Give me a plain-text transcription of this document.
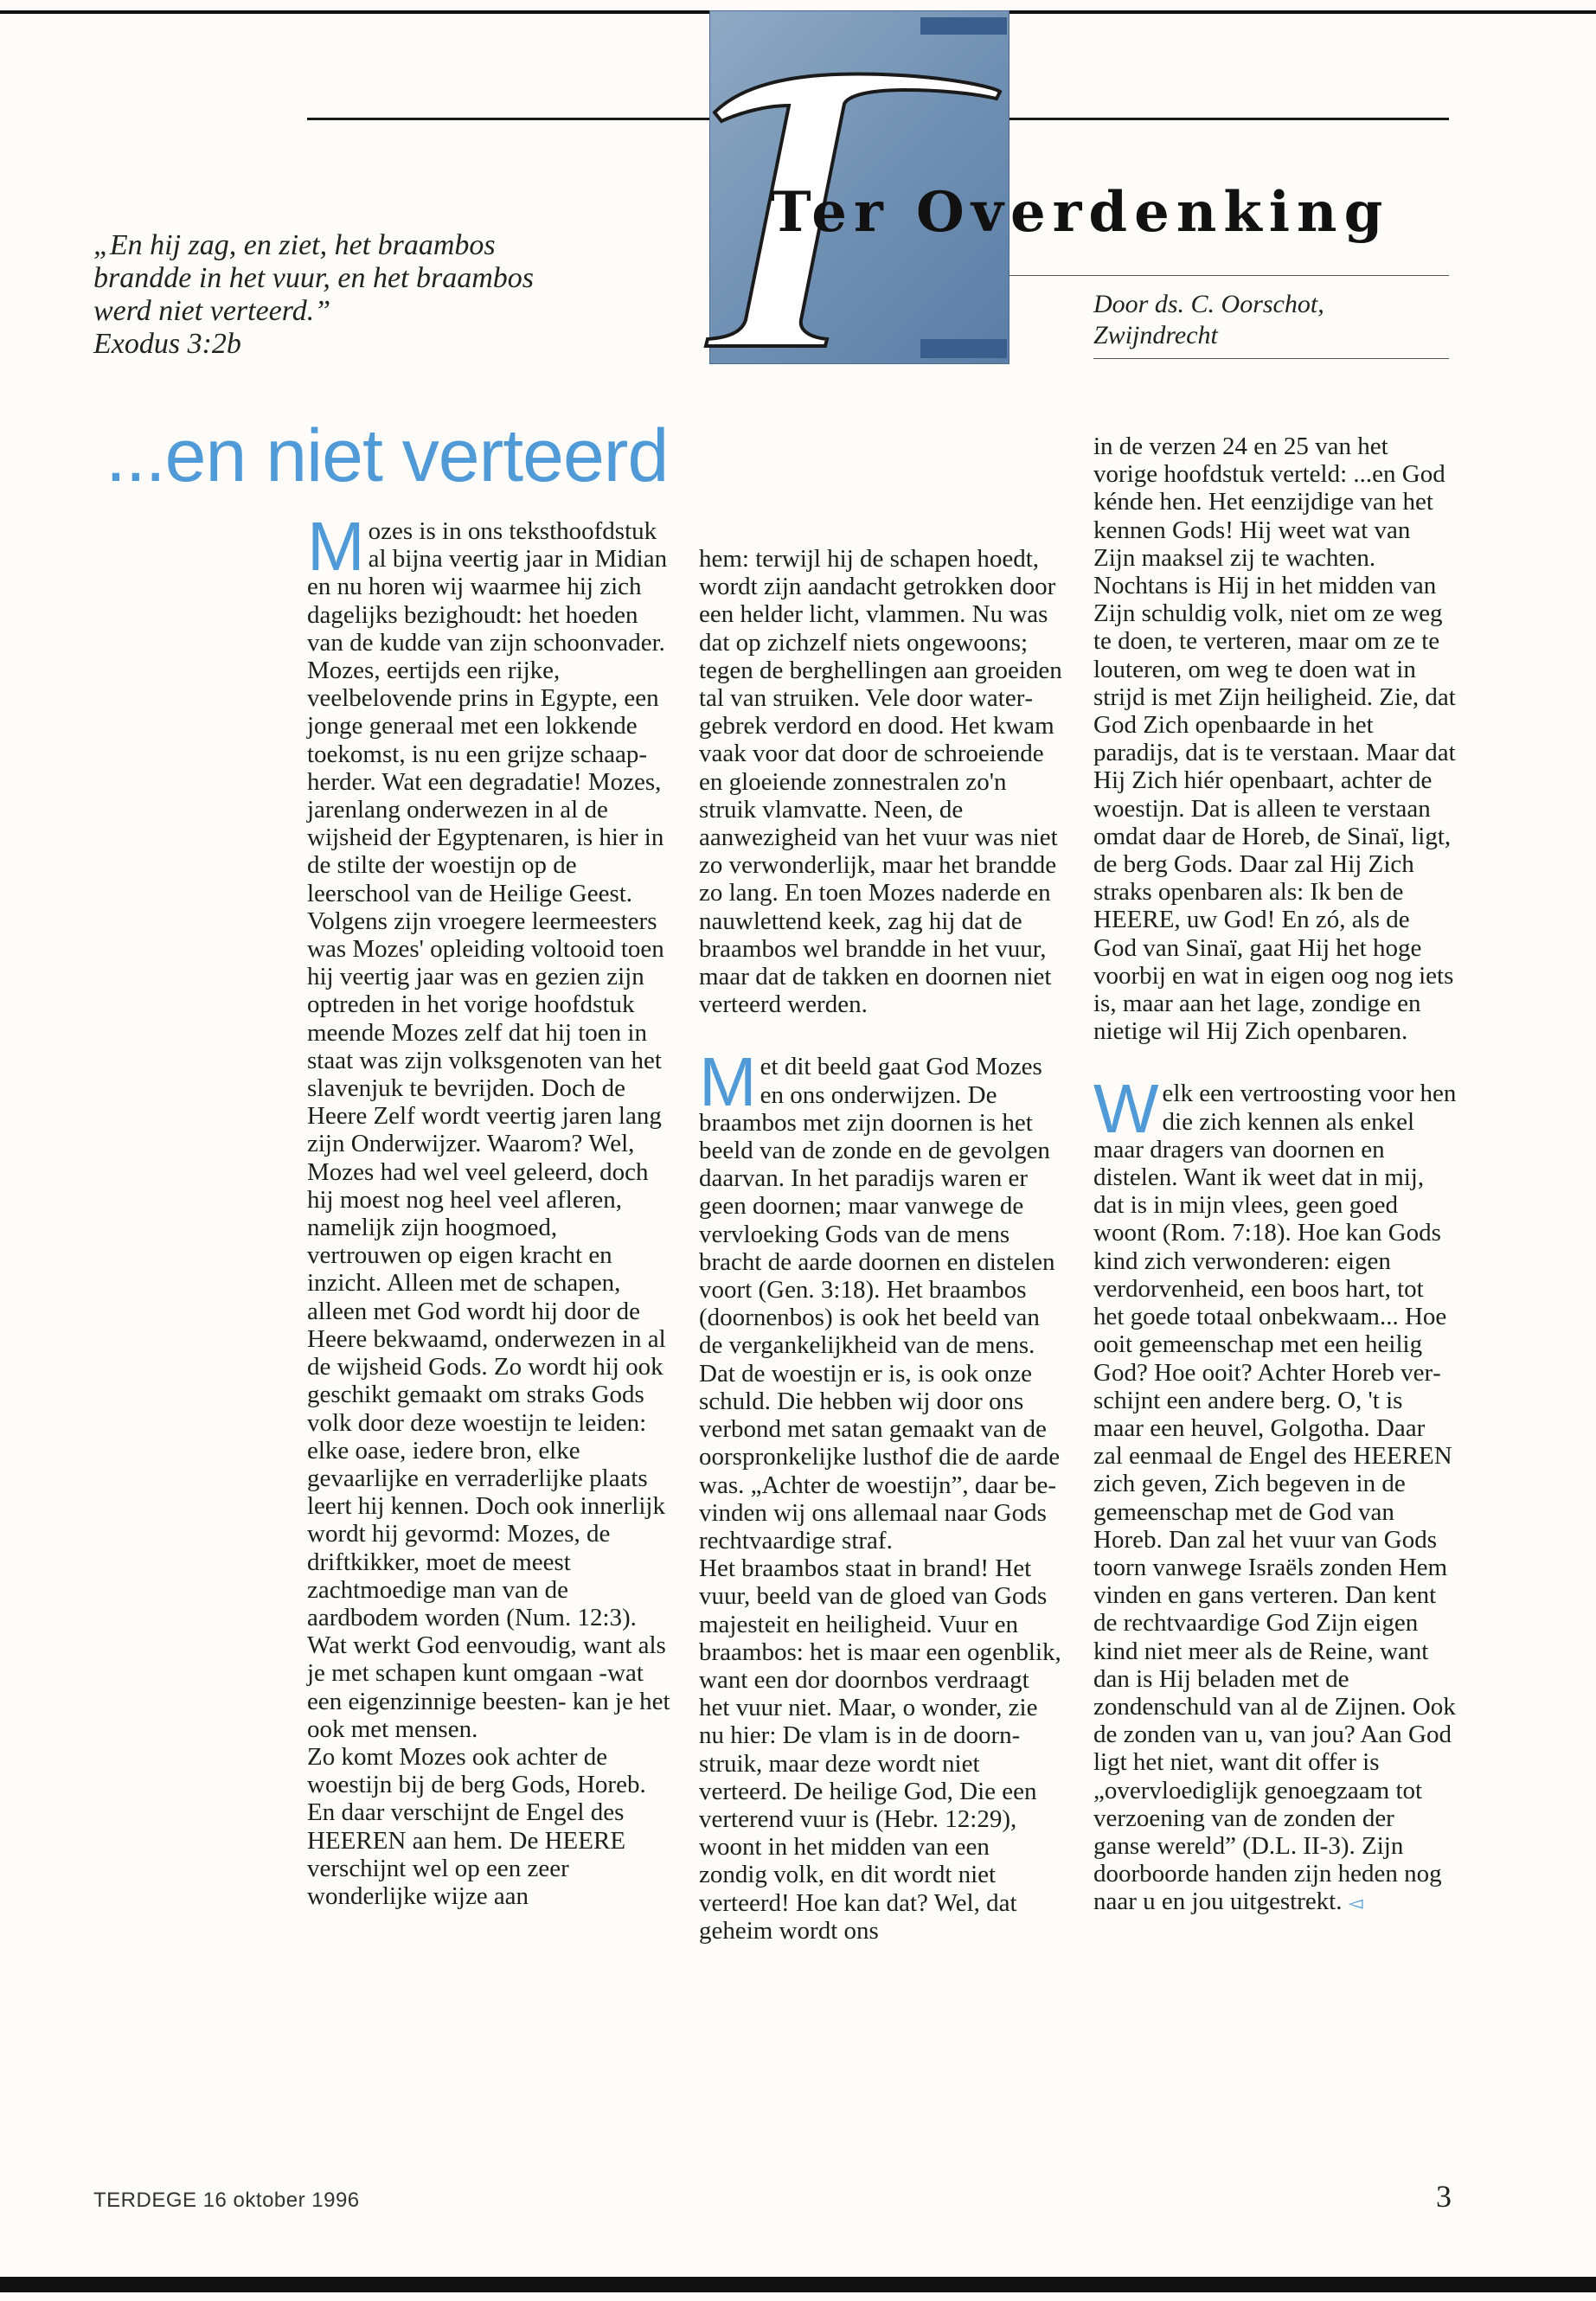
Ter Overdenking
Door ds. C. Oorschot,
Zwijndrecht
„En hij zag, en ziet, het braambos
brandde in het vuur, en het braambos
werd niet verteerd.”
Exodus 3:2b
...en niet verteerd

Mozes is in ons teksthoofdstuk al bijna veertig jaar in Midian en nu horen wij waarmee hij zich dagelijks bezighoudt: het hoeden van de kudde van zijn schoonvader. Mozes, eertijds een rijke, veelbelovende prins in Egypte, een jonge generaal met een lokkende toekomst, is nu een grijze schaapherder. Wat een degradatie! Mozes, jarenlang onderwezen in al de wijsheid der Egyptenaren, is hier in de stilte der woestijn op de leerschool van de Heilige Geest. Volgens zijn vroegere leermeesters was Mozes' opleiding voltooid toen hij veertig jaar was en gezien zijn optreden in het vorige hoofdstuk meende Mozes zelf dat hij toen in staat was zijn volksgenoten van het slavenjuk te bevrijden. Doch de Heere Zelf wordt veertig jaren lang zijn Onderwijzer. Waarom? Wel, Mozes had wel veel geleerd, doch hij moest nog heel veel afleren, namelijk zijn hoogmoed, vertrouwen op eigen kracht en inzicht. Alleen met de schapen, alleen met God wordt hij door de Heere bekwaamd, onderwezen in al de wijsheid Gods. Zo wordt hij ook geschikt gemaakt om straks Gods volk door deze woestijn te leiden: elke oase, iedere bron, elke gevaarlijke en verraderlijke plaats leert hij kennen. Doch ook innerlijk wordt hij gevormd: Mozes, de driftkikker, moet de meest zachtmoedige man van de aardbodem worden (Num. 12:3).

Wat werkt God eenvoudig, want als je met schapen kunt omgaan -wat een eigenzinnige beesten- kan je het ook met mensen.

Zo komt Mozes ook achter de woestijn bij de berg Gods, Horeb. En daar verschijnt de Engel des HEEREN aan hem. De HEERE verschijnt wel op een zeer wonderlijke wijze aan

hem: terwijl hij de schapen hoedt, wordt zijn aandacht getrokken door een helder licht, vlammen. Nu was dat op zichzelf niets ongewoons; tegen de berghellingen aan groeiden tal van struiken. Vele door watergebrek verdord en dood. Het kwam vaak voor dat door de schroeiende en gloeiende zonnestralen zo'n struik vlamvatte. Neen, de aanwezigheid van het vuur was niet zo verwonderlijk, maar het brandde zo lang. En toen Mozes naderde en nauwlettend keek, zag hij dat de braambos wel brandde in het vuur, maar dat de takken en doornen niet verteerd werden.

Met dit beeld gaat God Mozes en ons onderwijzen. De braambos met zijn doornen is het beeld van de zonde en de gevolgen daarvan. In het paradijs waren er geen doornen; maar vanwege de vervloeking Gods van de mens bracht de aarde doornen en distelen voort (Gen. 3:18). Het braambos (doornenbos) is ook het beeld van de vergankelijkheid van de mens. Dat de woestijn er is, is ook onze schuld. Die hebben wij door ons verbond met satan gemaakt van de oorspronkelijke lusthof die de aarde was. „Achter de woestijn”, daar bevinden wij ons allemaal naar Gods rechtvaardige straf.

Het braambos staat in brand! Het vuur, beeld van de gloed van Gods majesteit en heiligheid. Vuur en braambos: het is maar een ogenblik, want een dor doornbos verdraagt het vuur niet. Maar, o wonder, zie nu hier: De vlam is in de doornstruik, maar deze wordt niet verteerd. De heilige God, Die een verterend vuur is (Hebr. 12:29), woont in het midden van een zondig volk, en dit wordt niet verteerd! Hoe kan dat? Wel, dat geheim wordt ons

in de verzen 24 en 25 van het vorige hoofdstuk verteld: ...en God kénde hen. Het eenzijdige van het kennen Gods! Hij weet wat van Zijn maaksel zij te wachten. Nochtans is Hij in het midden van Zijn schuldig volk, niet om ze weg te doen, te verteren, maar om ze te louteren, om weg te doen wat in strijd is met Zijn heiligheid. Zie, dat God Zich openbaarde in het paradijs, dat is te verstaan. Maar dat Hij Zich hiér openbaart, achter de woestijn. Dat is alleen te verstaan omdat daar de Horeb, de Sinaï, ligt, de berg Gods. Daar zal Hij Zich straks openbaren als: Ik ben de HEERE, uw God! En zó, als de God van Sinaï, gaat Hij het hoge voorbij en wat in eigen oog nog iets is, maar aan het lage, zondige en nietige wil Hij Zich openbaren.

Welk een vertroosting voor hen die zich kennen als enkel maar dragers van doornen en distelen. Want ik weet dat in mij, dat is in mijn vlees, geen goed woont (Rom. 7:18). Hoe kan Gods kind zich verwonderen: eigen verdorvenheid, een boos hart, tot het goede totaal onbekwaam... Hoe ooit gemeenschap met een heilig God? Hoe ooit? Achter Horeb verschijnt een andere berg. O, 't is maar een heuvel, Golgotha. Daar zal eenmaal de Engel des HEEREN zich geven, Zich begeven in de gemeenschap met de God van Horeb. Dan zal het vuur van Gods toorn vanwege Israëls zonden Hem vinden en gans verteren. Dan kent de rechtvaardige God Zijn eigen kind niet meer als de Reine, want dan is Hij beladen met de zondenschuld van al de Zijnen. Ook de zonden van u, van jou? Aan God ligt het niet, want dit offer is „overvloediglijk genoegzaam tot verzoening van de zonden der ganse wereld” (D.L. II-3). Zijn doorboorde handen zijn heden nog naar u en jou uitgestrekt. ◅

TERDEGE 16 oktober 1996	3
